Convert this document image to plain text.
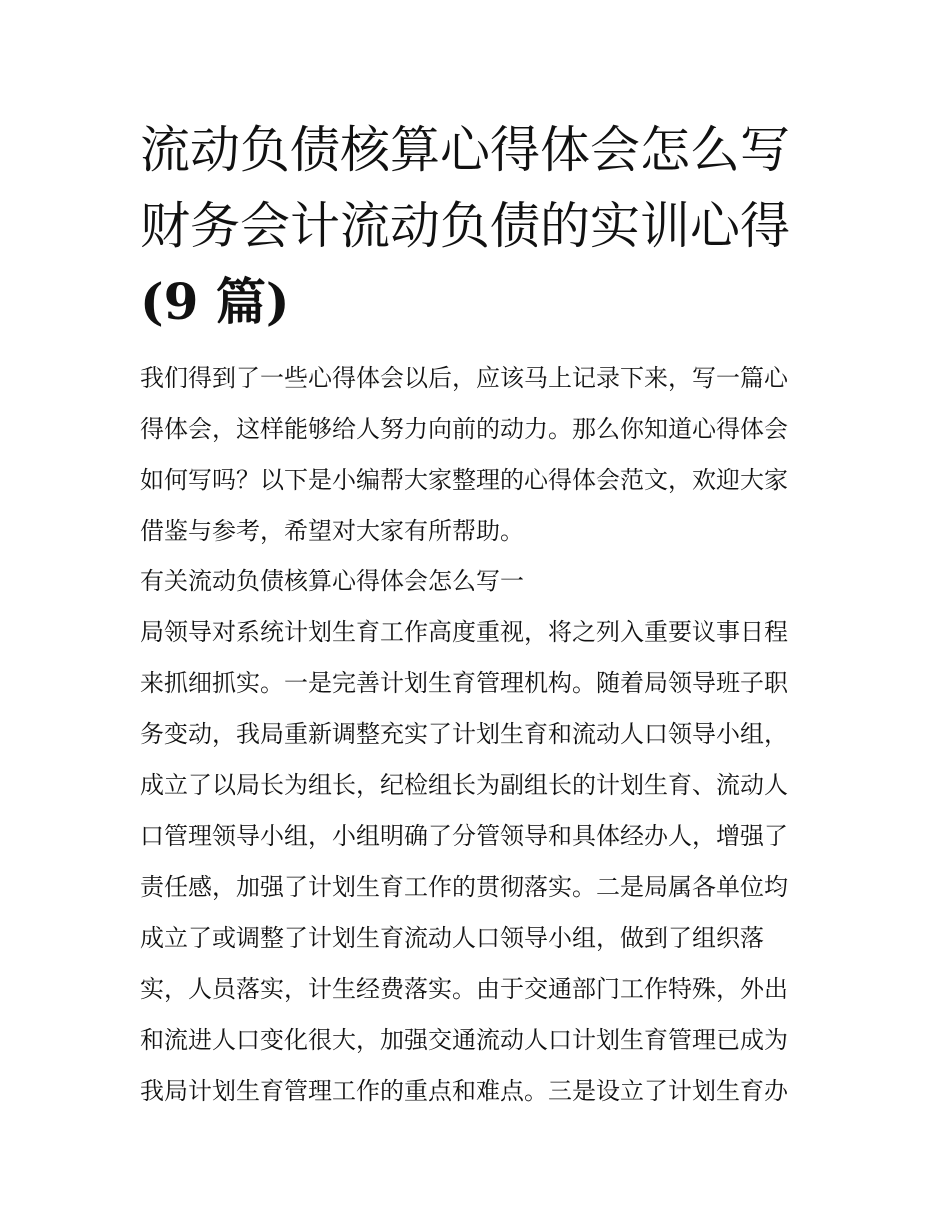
流动负债核算心得体会怎么写
财务会计流动负债的实训心得
(9 篇)

我们得到了一些心得体会以后，应该马上记录下来，写一篇心
得体会，这样能够给人努力向前的动力。那么你知道心得体会
如何写吗？以下是小编帮大家整理的心得体会范文，欢迎大家
借鉴与参考，希望对大家有所帮助。

有关流动负债核算心得体会怎么写一

局领导对系统计划生育工作高度重视，将之列入重要议事日程
来抓细抓实。一是完善计划生育管理机构。随着局领导班子职
务变动，我局重新调整充实了计划生育和流动人口领导小组，
成立了以局长为组长，纪检组长为副组长的计划生育、流动人
口管理领导小组，小组明确了分管领导和具体经办人，增强了
责任感，加强了计划生育工作的贯彻落实。二是局属各单位均
成立了或调整了计划生育流动人口领导小组，做到了组织落
实，人员落实，计生经费落实。由于交通部门工作特殊，外出
和流进人口变化很大，加强交通流动人口计划生育管理已成为
我局计划生育管理工作的重点和难点。三是设立了计划生育办
